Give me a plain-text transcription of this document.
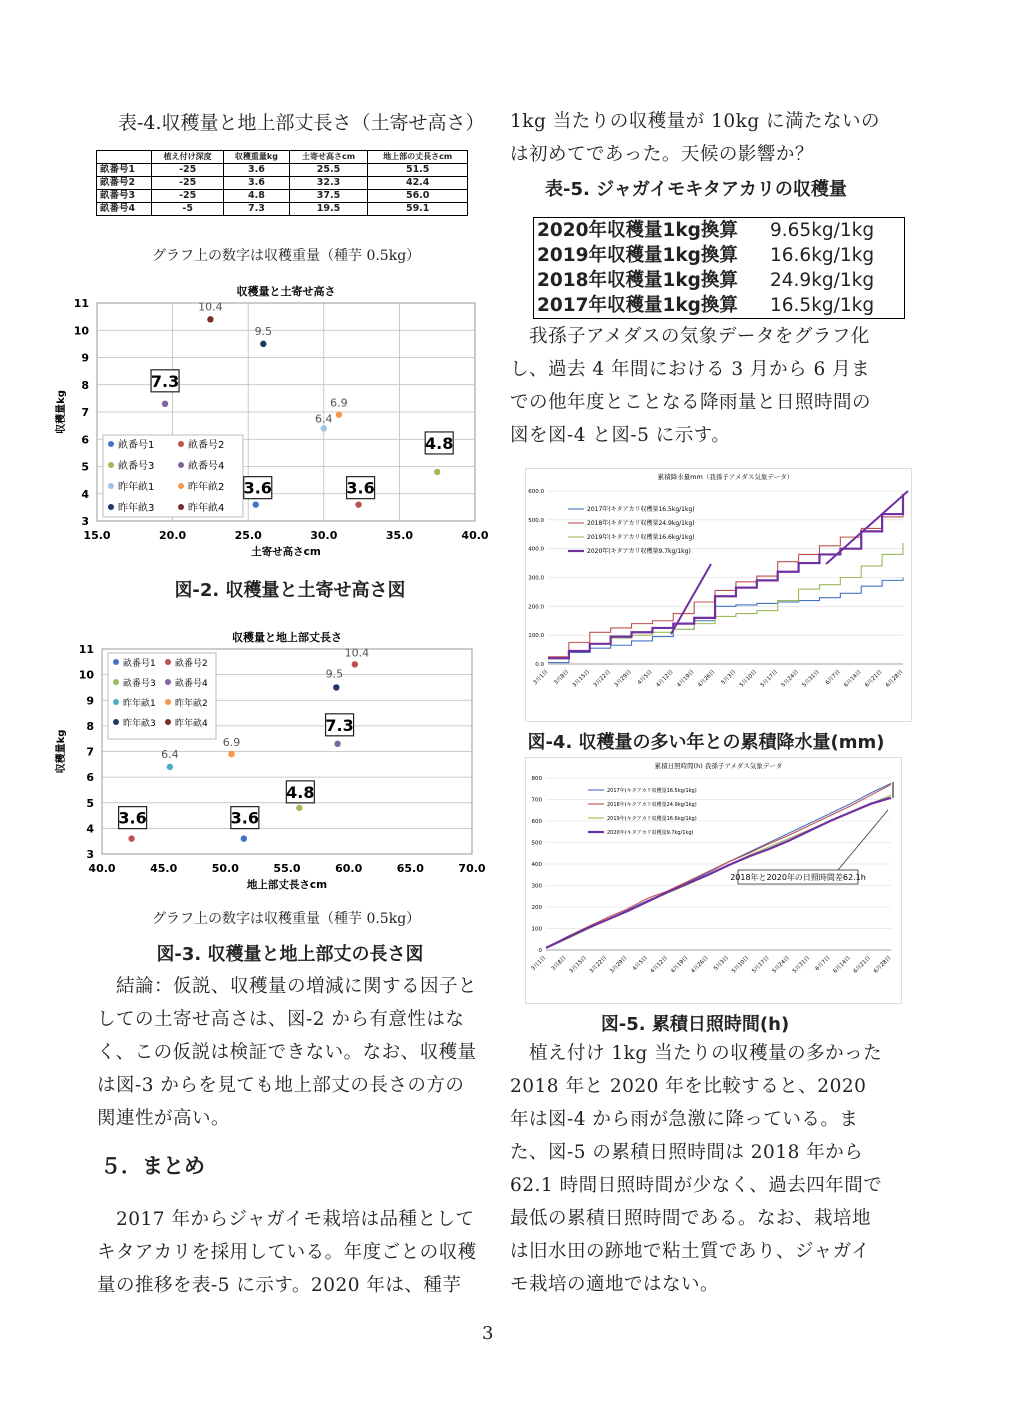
表-4.収穫量と地上部丈長さ（土寄せ高さ）
	植え付け深度	収穫重量kg	土寄せ高さcm	地上部の丈長さcm
畝番号1	-25	3.6	25.5	51.5
畝番号2	-25	3.6	32.3	42.4
畝番号3	-25	4.8	37.5	56.0
畝番号4	-5	7.3	19.5	59.1
グラフ上の数字は収穫重量（種芋 0.5kg）
収穫量と土寄せ高さ
3
4
5
6
7
8
9
10
11
15.0	20.0	25.0	30.0	35.0	40.0
土寄せ高さcm
収穫量kg
畝番号1	畝番号2
畝番号3	畝番号4
昨年畝1	昨年畝2
昨年畝3	昨年畝4
3.6	3.6
4.8
7.3
6.4
6.9
9.5
10.4
図-2. 収穫量と土寄せ高さ図
収穫量と地上部丈長さ
3
4
5
6
7
8
9
10
11
40.0	45.0	50.0	55.0	60.0	65.0	70.0
地上部丈長さcm
収穫量kg
畝番号1 畝番号2
畝番号3 畝番号4
昨年畝1 昨年畝2
昨年畝3 昨年畝4
3.6
3.6
4.8
7.3
6.4
6.9
9.5
10.4
グラフ上の数字は収穫重量（種芋 0.5kg）
図-3. 収穫量と地上部丈の長さ図
結論：仮説、収穫量の増減に関する因子としての土寄せ高さは、図-2 から有意性はなく、この仮説は検証できない。なお、収穫量は図-3 からを見ても地上部丈の長さの方の関連性が高い。
５．まとめ
2017 年からジャガイモ栽培は品種としてキタアカリを採用している。年度ごとの収穫量の推移を表-5 に示す。2020 年は、種芋
1kg 当たりの収穫量が 10kg に満たないのは初めてであった。天候の影響か？
表-5. ジャガイモキタアカリの収穫量
2020年収穫量1kg換算 9.65kg/1kg
2019年収穫量1kg換算 16.6kg/1kg
2018年収穫量1kg換算 24.9kg/1kg
2017年収穫量1kg換算 16.5kg/1kg
我孫子アメダスの気象データをグラフ化し、過去 4 年間における 3 月から 6 月までの他年度とことなる降雨量と日照時間の図を図-4 と図-5 に示す。
累積降水量mm（我孫子アメダス気象データ）
0.0
100.0
200.0
300.0
400.0
500.0
600.0
3月1日 3月8日 3月15日 3月22日 3月29日 4月5日 4月12日 4月19日 4月26日 5月3日 5月10日 5月17日 5月24日 5月31日 6月7日 6月14日 6月21日 6月28日
2017年(キタアカリ収穫量16.5kg/1kg)
2018年(キタアカリ収穫量24.9kg/1kg)
2019年(キタアカリ収穫量16.6kg/1kg)
2020年(キタアカリ収穫量9.7kg/1kg)
図-4. 収穫量の多い年との累積降水量(mm)
累積日照時間(h) 我孫子アメダス気象データ
0
100
200
300
400
500
600
700
800
3月1日 3月8日 3月15日 3月22日 3月29日 4月5日 4月12日 4月19日 4月26日 5月3日 5月10日 5月17日 5月24日 5月31日 6月7日 6月14日 6月21日 6月28日
2017年(キタアカリ収穫量16.5kg/1kg)
2018年(キタアカリ収穫量24.9kg/1kg)
2019年(キタアカリ収穫量16.6kg/1kg)
2020年(キタアカリ収穫量9.7kg/1kg)
2018年と2020年の日照時間差62.1h
図-5. 累積日照時間(h)
植え付け 1kg 当たりの収穫量の多かった 2018 年と 2020 年を比較すると、2020 年は図-4 から雨が急激に降っている。また、図-5 の累積日照時間は 2018 年から 62.1 時間日照時間が少なく、過去四年間で最低の累積日照時間である。なお、栽培地は旧水田の跡地で粘土質であり、ジャガイモ栽培の適地ではない。
3
